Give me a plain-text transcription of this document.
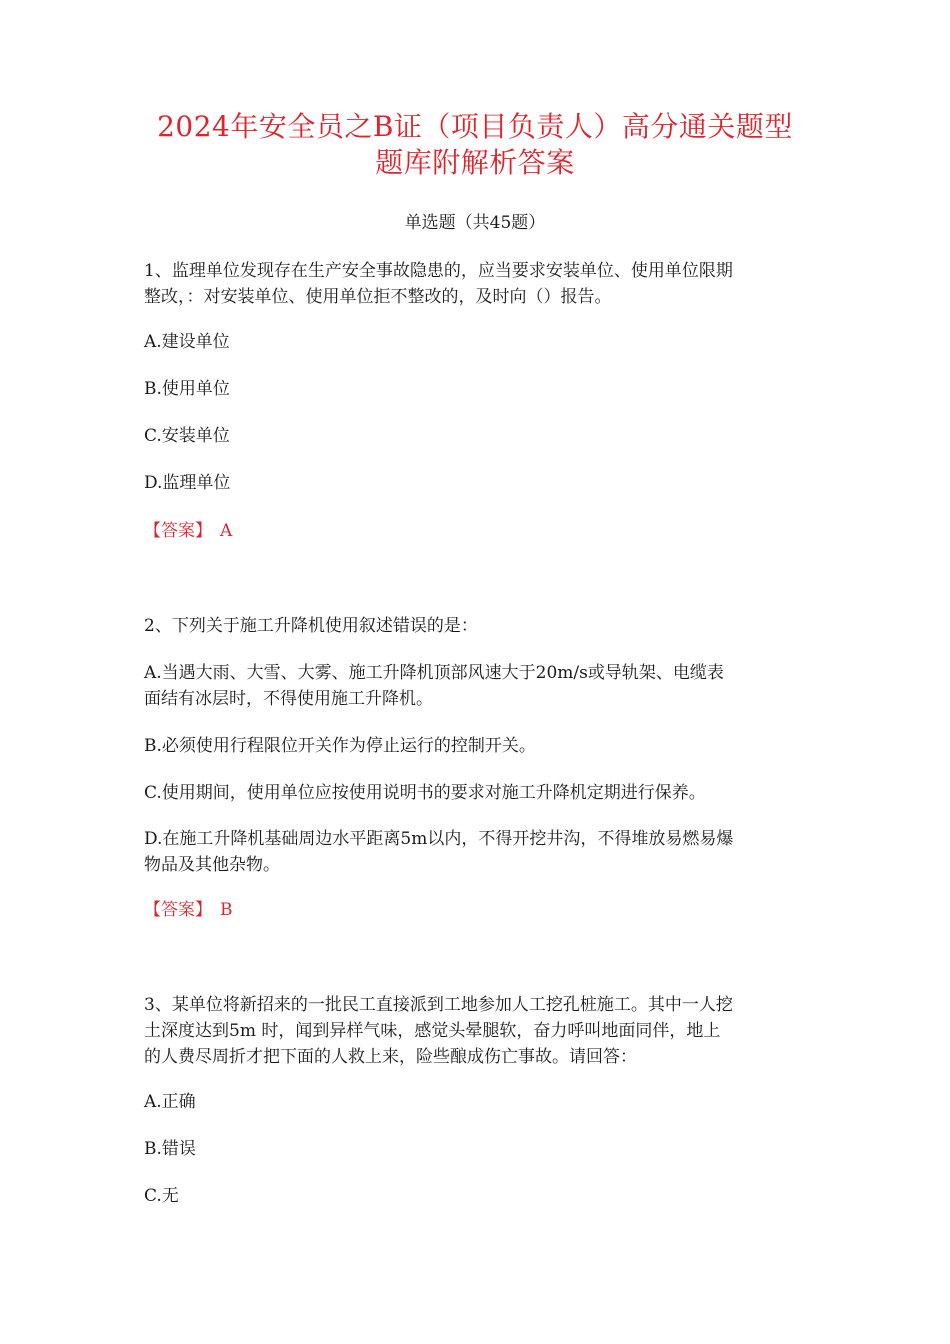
2024年安全员之B证（项目负责人）高分通关题型
题库附解析答案
单选题（共45题）
1、监理单位发现存在生产安全事故隐患的，应当要求安装单位、使用单位限期
整改，：对安装单位、使用单位拒不整改的，及时向（）报告。
A.建设单位
B.使用单位
C.安装单位
D.监理单位
【答案】 A
2、下列关于施工升降机使用叙述错误的是：
A.当遇大雨、大雪、大雾、施工升降机顶部风速大于20m/s或导轨架、电缆表
面结有冰层时，不得使用施工升降机。
B.必须使用行程限位开关作为停止运行的控制开关。
C.使用期间，使用单位应按使用说明书的要求对施工升降机定期进行保养。
D.在施工升降机基础周边水平距离5m以内，不得开挖井沟，不得堆放易燃易爆
物品及其他杂物。
【答案】 B
3、某单位将新招来的一批民工直接派到工地参加人工挖孔桩施工。其中一人挖
土深度达到5m 时，闻到异样气味，感觉头晕腿软，奋力呼叫地面同伴，地上
的人费尽周折才把下面的人救上来，险些酿成伤亡事故。请回答：
A.正确
B.错误
C.无
